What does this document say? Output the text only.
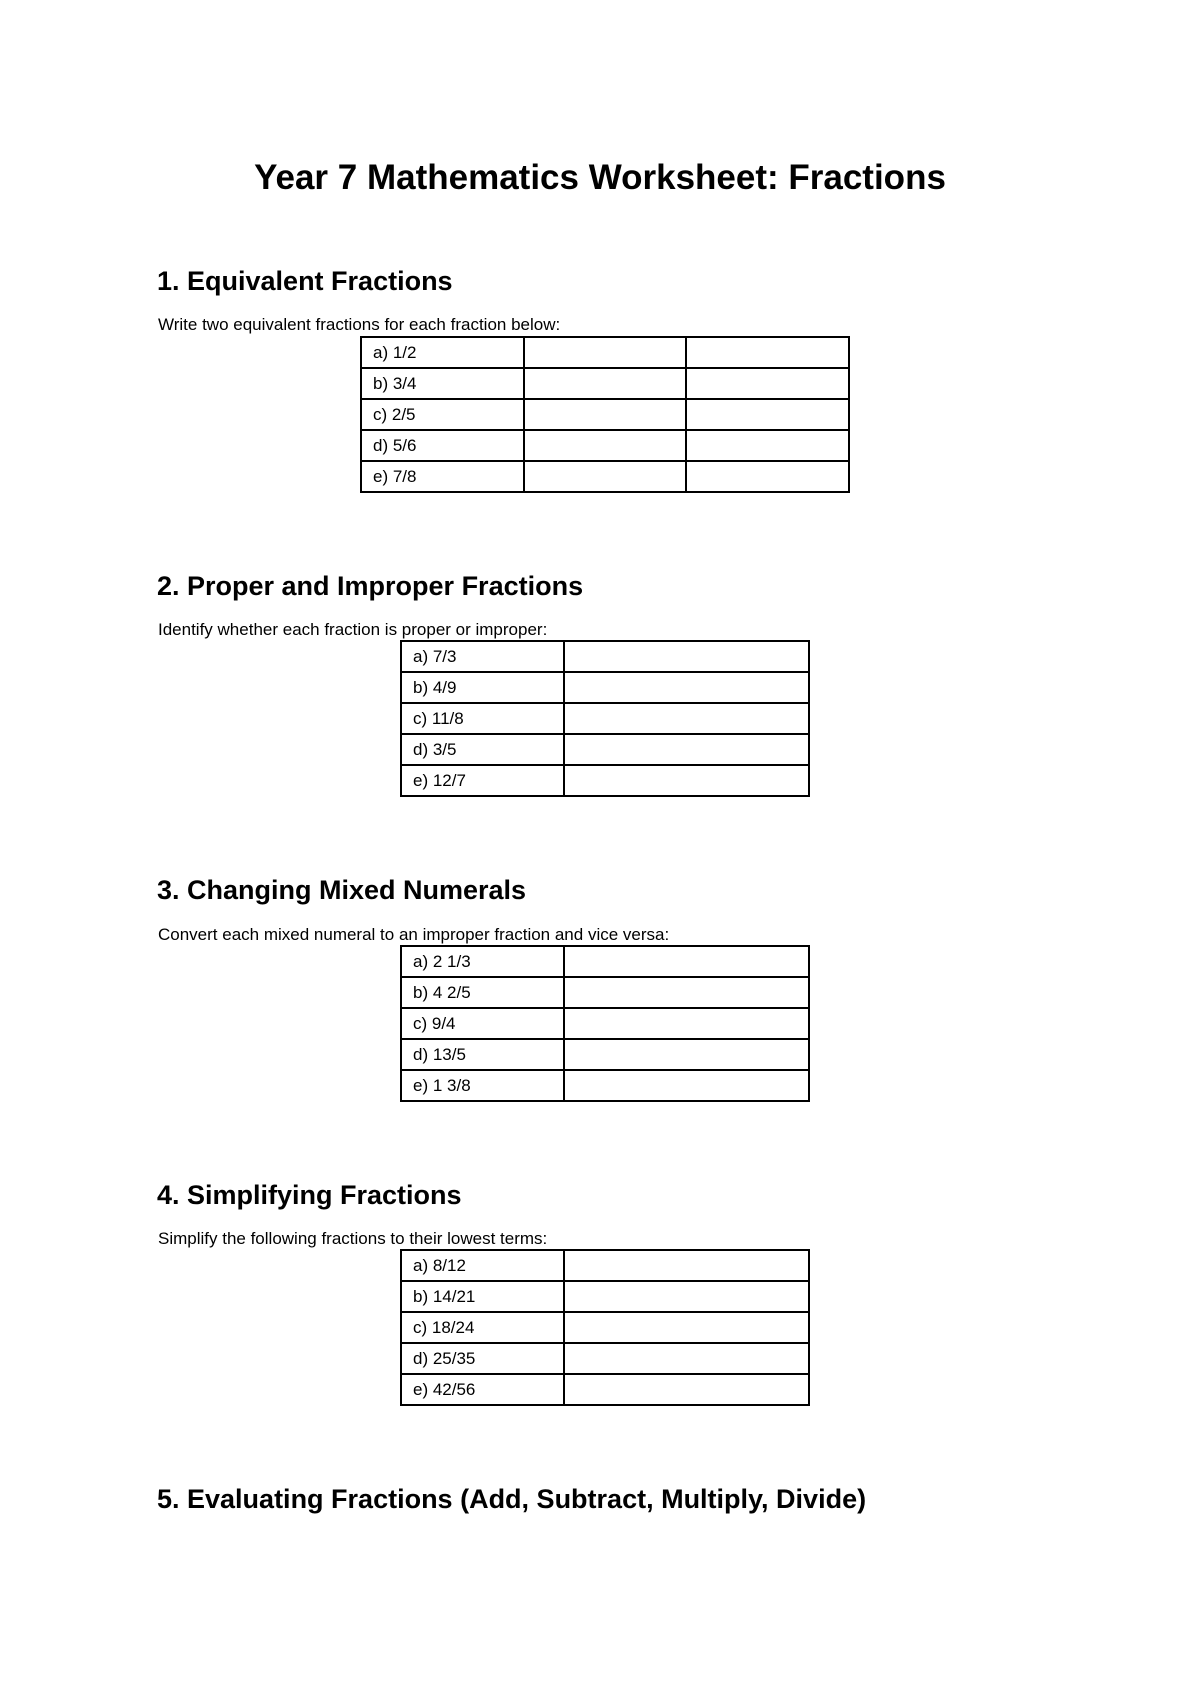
Year 7 Mathematics Worksheet: Fractions
1. Equivalent Fractions
Write two equivalent fractions for each fraction below:
a) 1/2		
b) 3/4		
c) 2/5		
d) 5/6		
e) 7/8		
2. Proper and Improper Fractions
Identify whether each fraction is proper or improper:
a) 7/3	
b) 4/9	
c) 11/8	
d) 3/5	
e) 12/7	
3. Changing Mixed Numerals
Convert each mixed numeral to an improper fraction and vice versa:
a) 2 1/3	
b) 4 2/5	
c) 9/4	
d) 13/5	
e) 1 3/8	
4. Simplifying Fractions
Simplify the following fractions to their lowest terms:
a) 8/12	
b) 14/21	
c) 18/24	
d) 25/35	
e) 42/56	
5. Evaluating Fractions (Add, Subtract, Multiply, Divide)
